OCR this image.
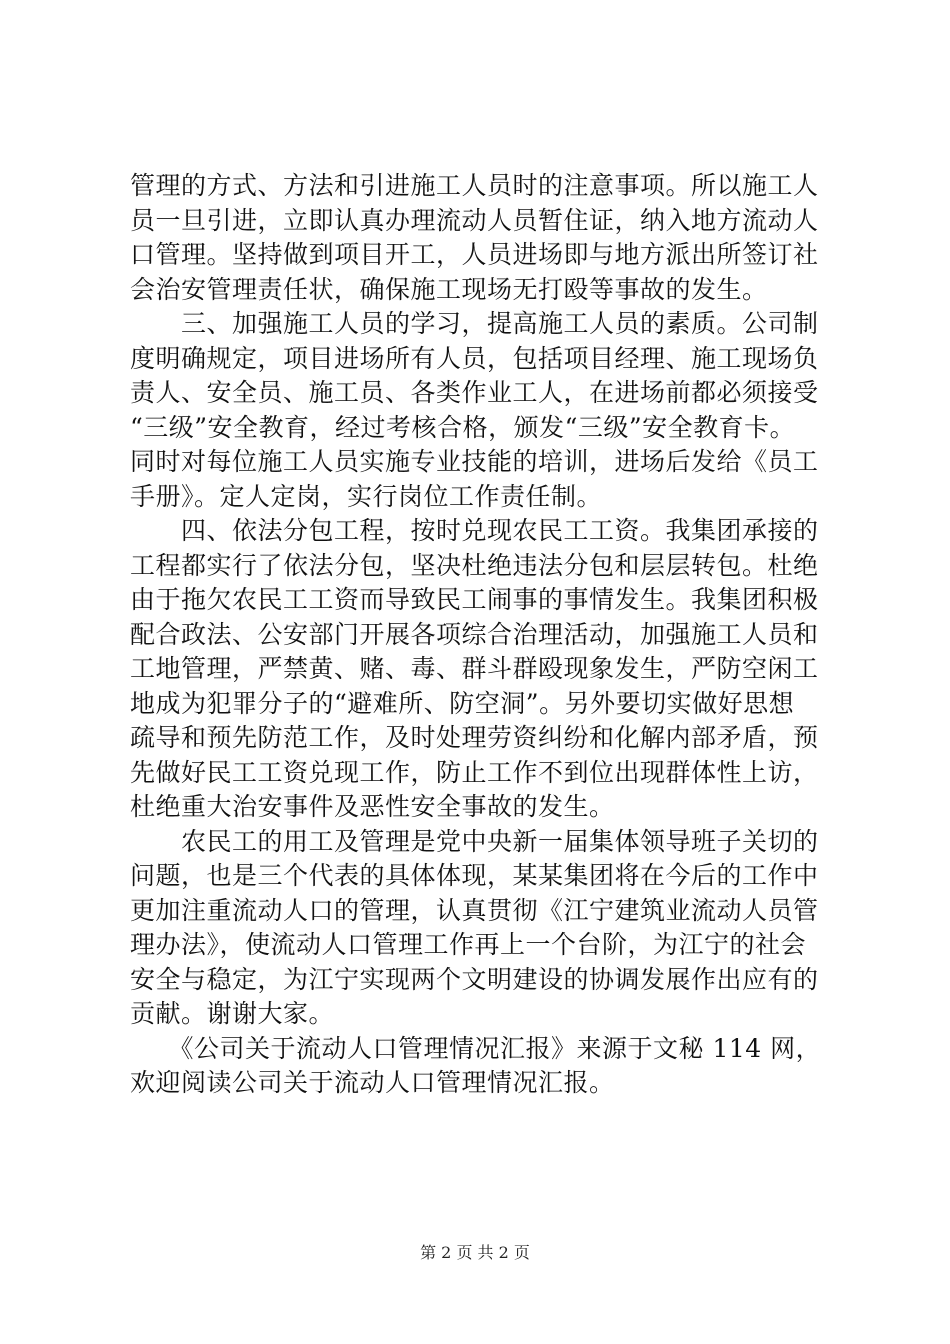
管理的方式、方法和引进施工人员时的注意事项。所以施工人
员一旦引进，立即认真办理流动人员暂住证，纳入地方流动人
口管理。坚持做到项目开工，人员进场即与地方派出所签订社
会治安管理责任状，确保施工现场无打殴等事故的发生。
　　三、加强施工人员的学习，提高施工人员的素质。公司制
度明确规定，项目进场所有人员，包括项目经理、施工现场负
责人、安全员、施工员、各类作业工人，在进场前都必须接受
“三级”安全教育，经过考核合格，颁发“三级”安全教育卡。
同时对每位施工人员实施专业技能的培训，进场后发给《员工
手册》。定人定岗，实行岗位工作责任制。
　　四、依法分包工程，按时兑现农民工工资。我集团承接的
工程都实行了依法分包，坚决杜绝违法分包和层层转包。杜绝
由于拖欠农民工工资而导致民工闹事的事情发生。我集团积极
配合政法、公安部门开展各项综合治理活动，加强施工人员和
工地管理，严禁黄、赌、毒、群斗群殴现象发生，严防空闲工
地成为犯罪分子的“避难所、防空洞”。另外要切实做好思想
疏导和预先防范工作，及时处理劳资纠纷和化解内部矛盾，预
先做好民工工资兑现工作，防止工作不到位出现群体性上访，
杜绝重大治安事件及恶性安全事故的发生。
　　农民工的用工及管理是党中央新一届集体领导班子关切的
问题，也是三个代表的具体体现，某某集团将在今后的工作中
更加注重流动人口的管理，认真贯彻《江宁建筑业流动人员管
理办法》，使流动人口管理工作再上一个台阶，为江宁的社会
安全与稳定，为江宁实现两个文明建设的协调发展作出应有的
贡献。谢谢大家。
　　《公司关于流动人口管理情况汇报》来源于文秘 114 网，
欢迎阅读公司关于流动人口管理情况汇报。
第 2 页 共 2 页
